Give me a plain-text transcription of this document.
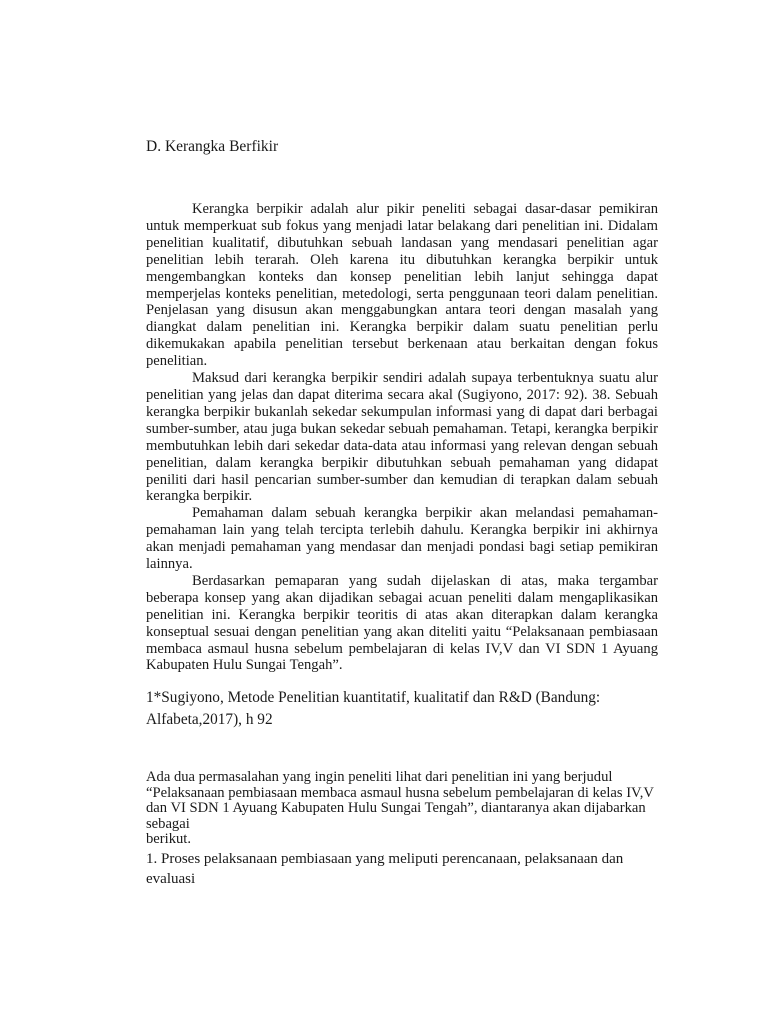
D. Kerangka Berfikir

Kerangka berpikir adalah alur pikir peneliti sebagai dasar-dasar pemikiran untuk memperkuat sub fokus yang menjadi latar belakang dari penelitian ini. Didalam penelitian kualitatif, dibutuhkan sebuah landasan yang mendasari penelitian agar penelitian lebih terarah. Oleh karena itu dibutuhkan kerangka berpikir untuk mengembangkan konteks dan konsep penelitian lebih lanjut sehingga dapat memperjelas konteks penelitian, metedologi, serta penggunaan teori dalam penelitian. Penjelasan yang disusun akan menggabungkan antara teori dengan masalah yang diangkat dalam penelitian ini. Kerangka berpikir dalam suatu penelitian perlu dikemukakan apabila penelitian tersebut berkenaan atau berkaitan dengan fokus penelitian.

Maksud dari kerangka berpikir sendiri adalah supaya terbentuknya suatu alur penelitian yang jelas dan dapat diterima secara akal (Sugiyono, 2017: 92). 38. Sebuah kerangka berpikir bukanlah sekedar sekumpulan informasi yang di dapat dari berbagai sumber-sumber, atau juga bukan sekedar sebuah pemahaman. Tetapi, kerangka berpikir membutuhkan lebih dari sekedar data-data atau informasi yang relevan dengan sebuah penelitian, dalam kerangka berpikir dibutuhkan sebuah pemahaman yang didapat peniliti dari hasil pencarian sumber-sumber dan kemudian di terapkan dalam sebuah kerangka berpikir.

Pemahaman dalam sebuah kerangka berpikir akan melandasi pemahaman-pemahaman lain yang telah tercipta terlebih dahulu. Kerangka berpikir ini akhirnya akan menjadi pemahaman yang mendasar dan menjadi pondasi bagi setiap pemikiran lainnya.

Berdasarkan pemaparan yang sudah dijelaskan di atas, maka tergambar beberapa konsep yang akan dijadikan sebagai acuan peneliti dalam mengaplikasikan penelitian ini. Kerangka berpikir teoritis di atas akan diterapkan dalam kerangka konseptual sesuai dengan penelitian yang akan diteliti yaitu “Pelaksanaan pembiasaan membaca asmaul husna sebelum pembelajaran di kelas IV,V dan VI SDN 1 Ayuang Kabupaten Hulu Sungai Tengah”.

1*Sugiyono, Metode Penelitian kuantitatif, kualitatif dan R&D (Bandung:
Alfabeta,2017), h 92

Ada dua permasalahan yang ingin peneliti lihat dari penelitian ini yang berjudul “Pelaksanaan pembiasaan membaca asmaul husna sebelum pembelajaran di kelas IV,V dan VI SDN 1 Ayuang Kabupaten Hulu Sungai Tengah”, diantaranya akan dijabarkan sebagai

berikut.

1. Proses pelaksanaan pembiasaan yang meliputi perencanaan, pelaksanaan dan evaluasi
